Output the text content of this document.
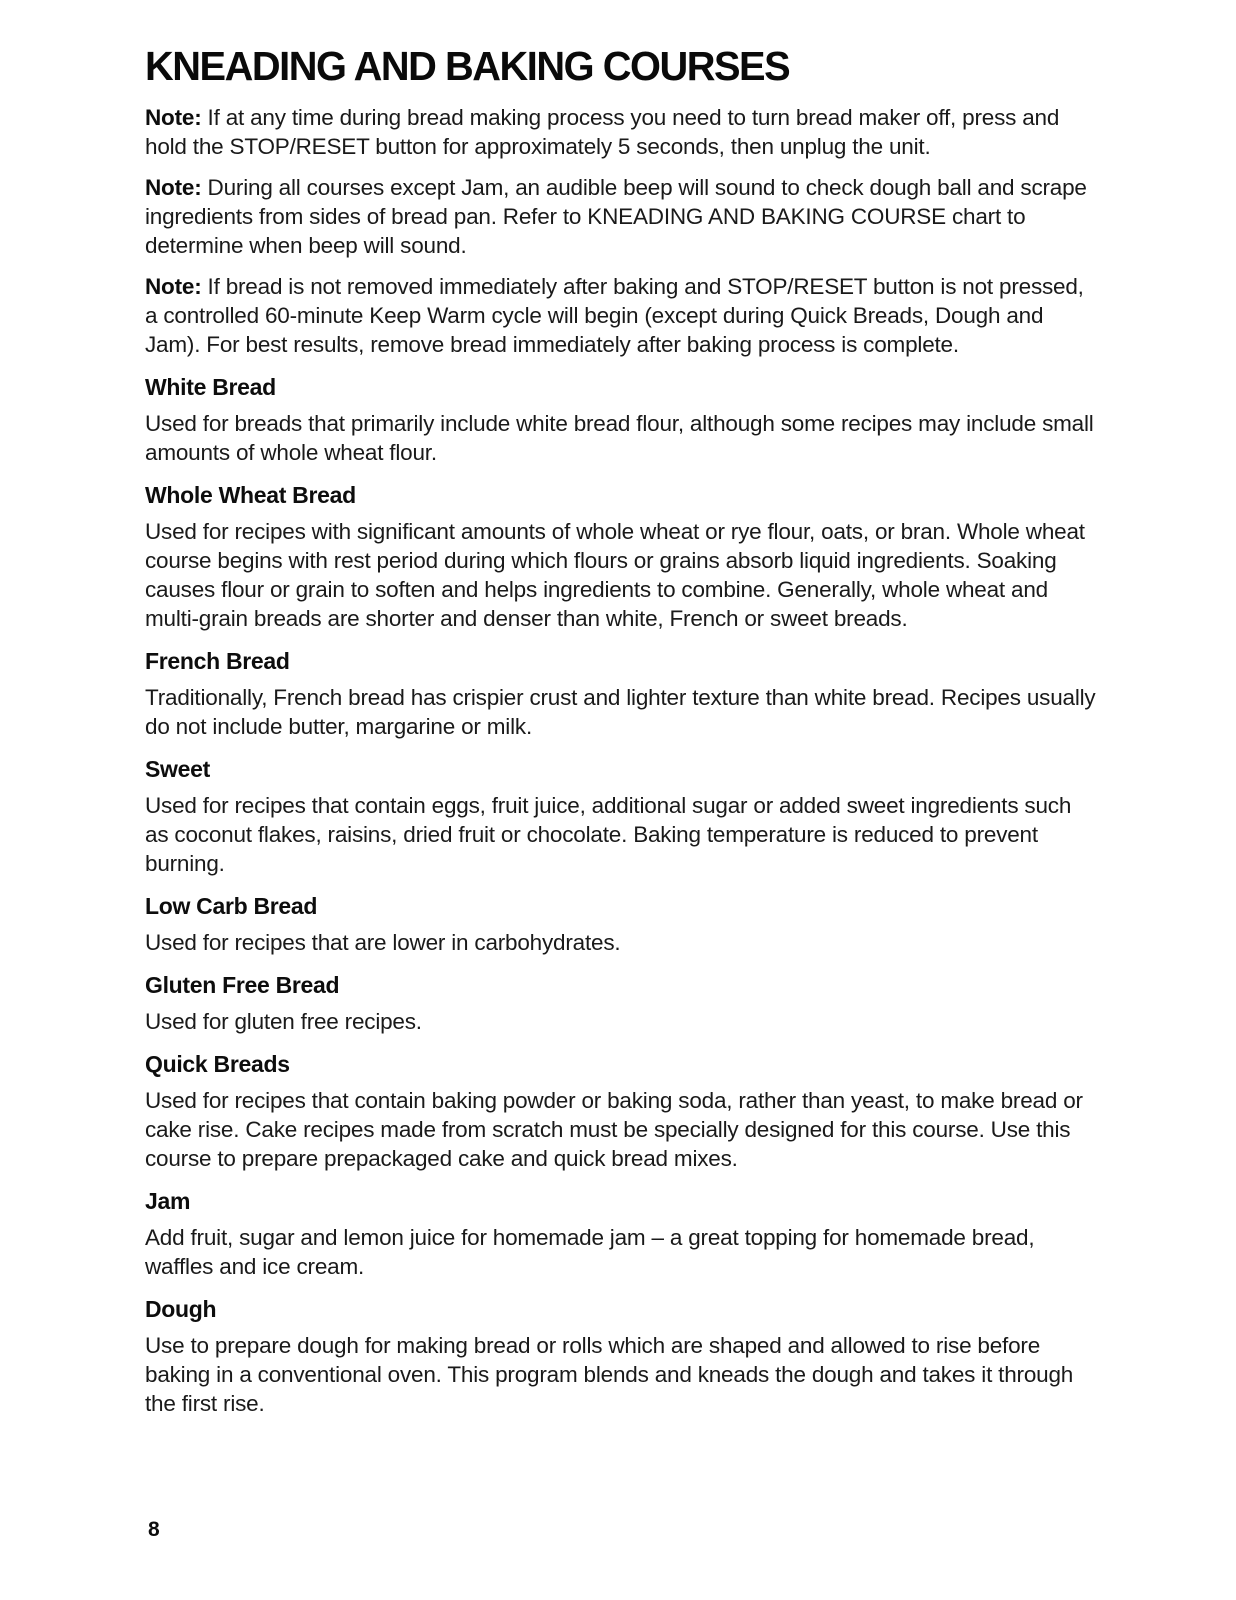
KNEADING AND BAKING COURSES

Note: If at any time during bread making process you need to turn bread maker off, press and hold the STOP/RESET button for approximately 5 seconds, then unplug the unit.

Note: During all courses except Jam, an audible beep will sound to check dough ball and scrape ingredients from sides of bread pan. Refer to KNEADING AND BAKING COURSE chart to determine when beep will sound.

Note: If bread is not removed immediately after baking and STOP/RESET button is not pressed, a controlled 60-minute Keep Warm cycle will begin (except during Quick Breads, Dough and Jam). For best results, remove bread immediately after baking process is complete.

White Bread

Used for breads that primarily include white bread flour, although some recipes may include small amounts of whole wheat flour.

Whole Wheat Bread

Used for recipes with significant amounts of whole wheat or rye flour, oats, or bran. Whole wheat course begins with rest period during which flours or grains absorb liquid ingredients. Soaking causes flour or grain to soften and helps ingredients to combine. Generally, whole wheat and multi-grain breads are shorter and denser than white, French or sweet breads.

French Bread

Traditionally, French bread has crispier crust and lighter texture than white bread. Recipes usually do not include butter, margarine or milk.

Sweet

Used for recipes that contain eggs, fruit juice, additional sugar or added sweet ingredients such as coconut flakes, raisins, dried fruit or chocolate. Baking temperature is reduced to prevent burning.

Low Carb Bread

Used for recipes that are lower in carbohydrates.

Gluten Free Bread

Used for gluten free recipes.

Quick Breads

Used for recipes that contain baking powder or baking soda, rather than yeast, to make bread or cake rise. Cake recipes made from scratch must be specially designed for this course. Use this course to prepare prepackaged cake and quick bread mixes.

Jam

Add fruit, sugar and lemon juice for homemade jam – a great topping for homemade bread, waffles and ice cream.

Dough

Use to prepare dough for making bread or rolls which are shaped and allowed to rise before baking in a conventional oven. This program blends and kneads the dough and takes it through the first rise.

8
